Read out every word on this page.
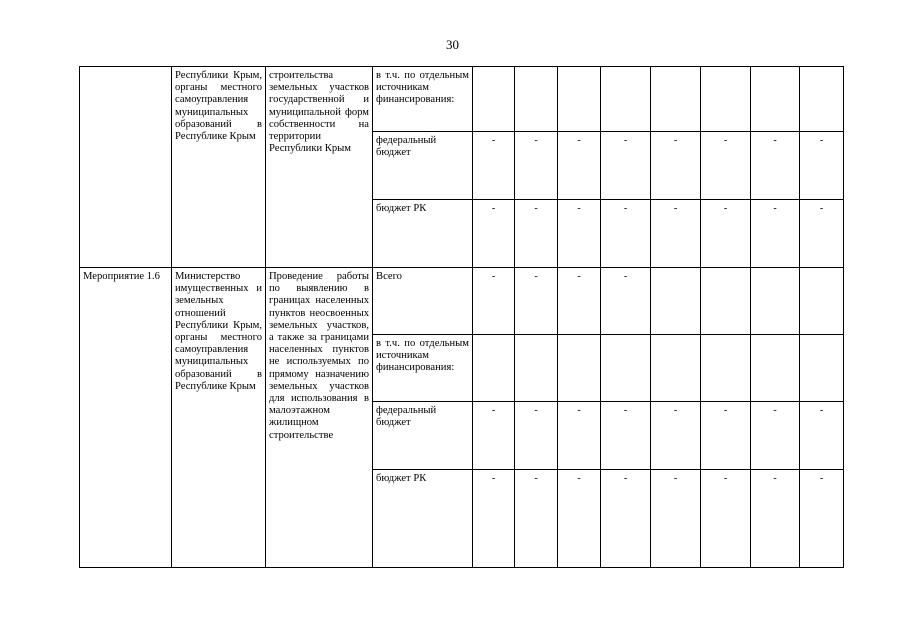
30
	Республики Крым, органы местного самоуправления муниципальных образований в Республике Крым	строительства земельных участков государственной и муниципальной форм собственности на территории Республики Крым	в т.ч. по отдельным источникам финансирования:								
			федеральный бюджет	-	-	-	-	-	-	-	-
			бюджет РК	-	-	-	-	-	-	-	-
Мероприятие 1.6	Министерство имущественных и земельных отношений Республики Крым, органы местного самоуправления муниципальных образований в Республике Крым	Проведение работы по выявлению в границах населенных пунктов неосвоенных земельных участков, а также за границами населенных пунктов не используемых по прямому назначению земельных участков для использования в малоэтажном жилищном строительстве	Всего	-	-	-	-				
			в т.ч. по отдельным источникам финансирования:								
			федеральный бюджет	-	-	-	-	-	-	-	-
			бюджет РК	-	-	-	-	-	-	-	-
